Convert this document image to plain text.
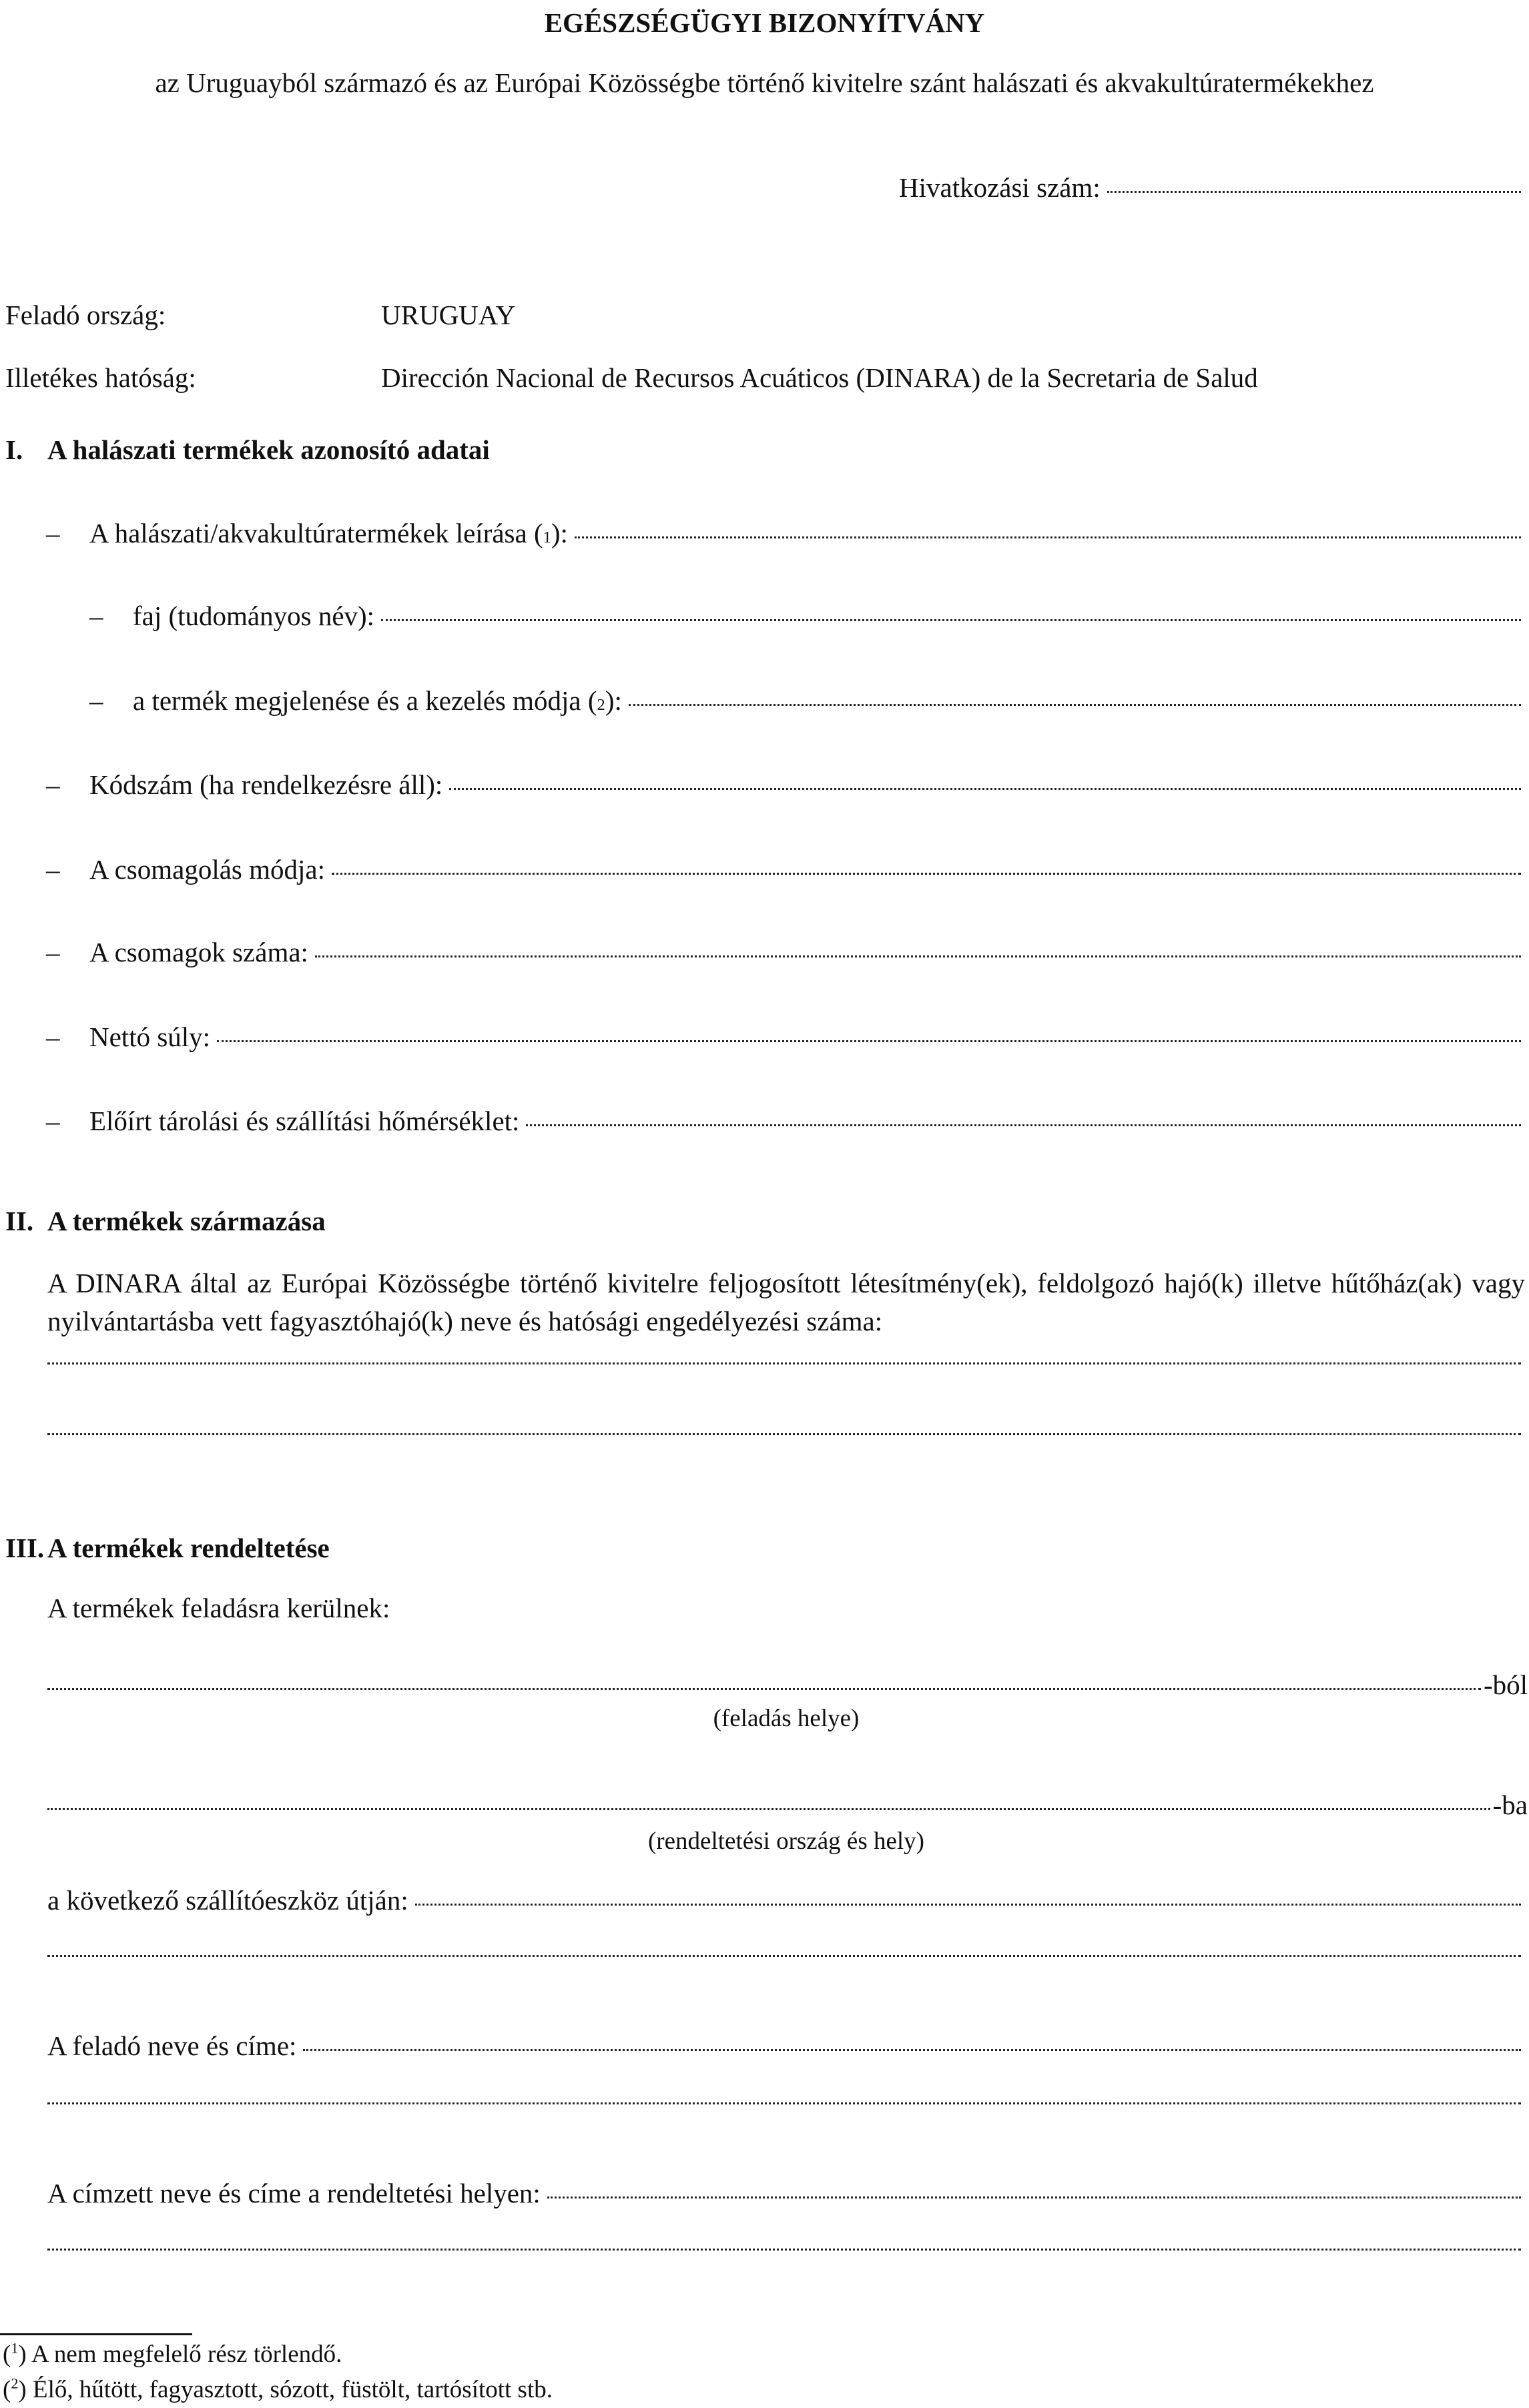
EGÉSZSÉGÜGYI BIZONYÍTVÁNY
az Uruguayból származó és az Európai Közösségbe történő kivitelre szánt halászati és akvakultúratermékekhez
Hivatkozási szám:
Feladó ország:	URUGUAY
Illetékes hatóság:	Dirección Nacional de Recursos Acuáticos (DINARA) de la Secretaria de Salud
I. A halászati termékek azonosító adatai
–	A halászati/akvakultúratermékek leírása ( 1 ):
–	faj (tudományos név):
–	a termék megjelenése és a kezelés módja ( 2 ):
–	Kódszám (ha rendelkezésre áll):
–	A csomagolás módja:
–	A csomagok száma:
–	Nettó súly:
–	Előírt tárolási és szállítási hőmérséklet:
II. A termékek származása
A DINARA által az Európai Közösségbe történő kivitelre feljogosított létesítmény(ek), feldolgozó hajó(k) illetve hűtőház(ak) vagy nyilvántartásba vett fagyasztóhajó(k) neve és hatósági engedélyezési száma:
III. A termékek rendeltetése
A termékek feladásra kerülnek:
-ból
(feladás helye)
-ba
(rendeltetési ország és hely)
a következő szállítóeszköz útján:
A feladó neve és címe:
A címzett neve és címe a rendeltetési helyen:
($^1$) A nem megfelelő rész törlendő.
($^2$) Élő, hűtött, fagyasztott, sózott, füstölt, tartósított stb.
